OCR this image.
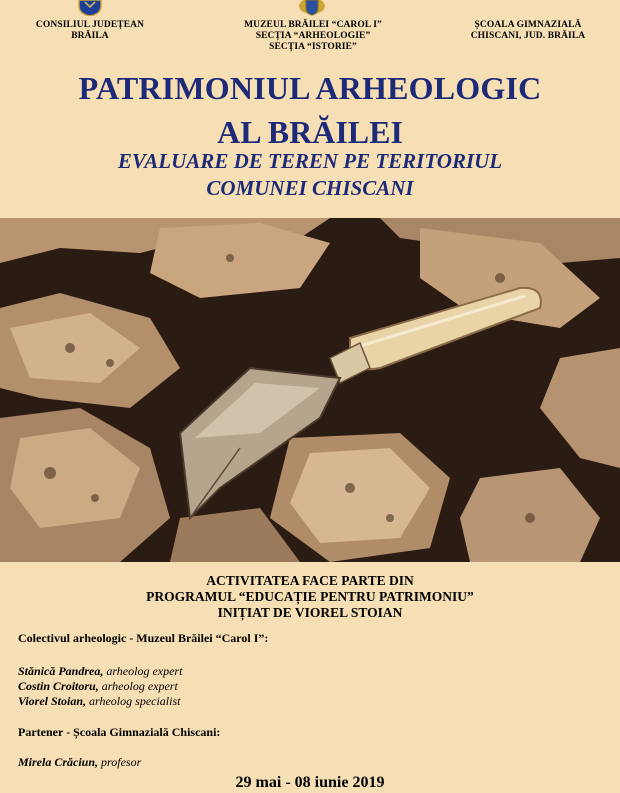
CONSILIUL JUDEȚEAN
BRĂILA
MUZEUL BRĂILEI “CAROL I”
SECȚIA “ARHEOLOGIE”
SECȚIA “ISTORIE”
ȘCOALA GIMNAZIALĂ
CHISCANI, JUD. BRĂILA
PATRIMONIUL ARHEOLOGIC
AL BRĂILEI
EVALUARE DE TEREN PE TERITORIUL
COMUNEI CHISCANI
ACTIVITATEA FACE PARTE DIN
PROGRAMUL “EDUCAȚIE PENTRU PATRIMONIU”
INIȚIAT DE VIOREL STOIAN
Colectivul arheologic - Muzeul Brăilei “Carol I”:
Stănică Pandrea, arheolog expert
Costin Croitoru, arheolog expert
Viorel Stoian, arheolog specialist
Partener - Școala Gimnazială Chiscani:
Mirela Crăciun, profesor
29 mai - 08 iunie 2019
